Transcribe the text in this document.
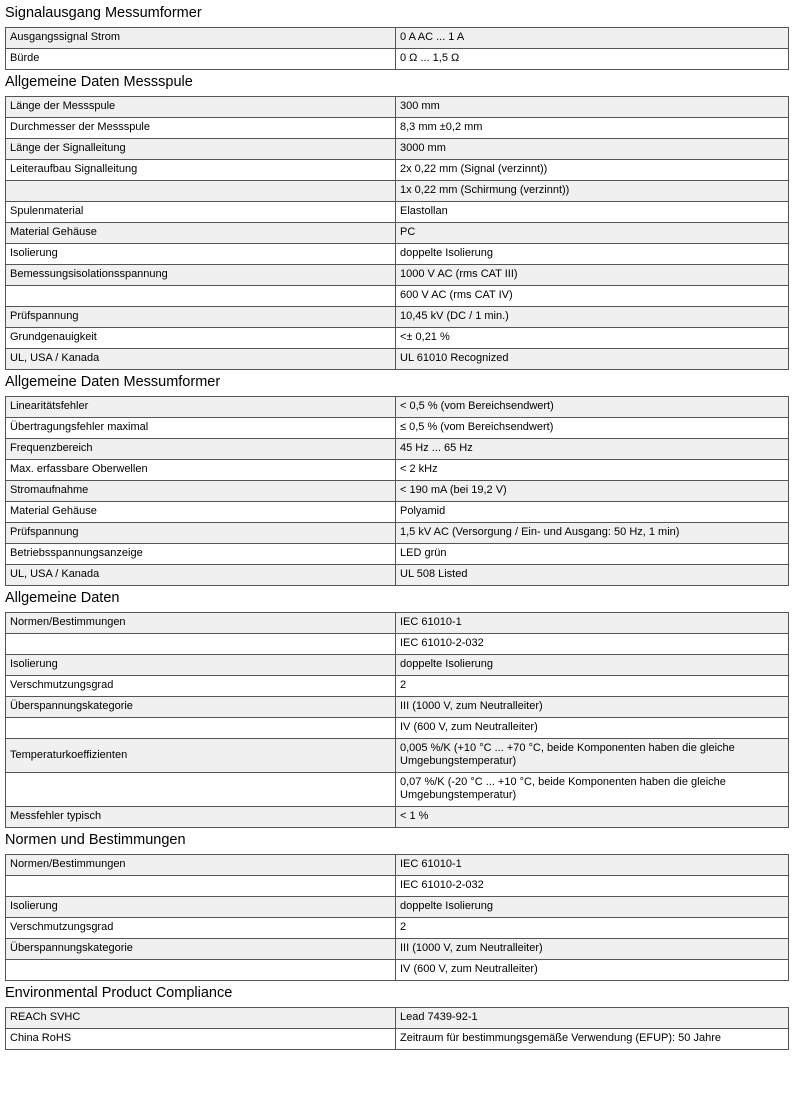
Signalausgang Messumformer
Ausgangssignal Strom	0 A AC ... 1 A
Bürde	0 Ω ... 1,5 Ω
Allgemeine Daten Messspule
Länge der Messspule	300 mm
Durchmesser der Messspule	8,3 mm ±0,2 mm
Länge der Signalleitung	3000 mm
Leiteraufbau Signalleitung	2x 0,22 mm (Signal (verzinnt))
	1x 0,22 mm (Schirmung (verzinnt))
Spulenmaterial	Elastollan
Material Gehäuse	PC
Isolierung	doppelte Isolierung
Bemessungsisolationsspannung	1000 V AC (rms CAT III)
	600 V AC (rms CAT IV)
Prüfspannung	10,45 kV (DC / 1 min.)
Grundgenauigkeit	<± 0,21 %
UL, USA / Kanada	UL 61010 Recognized
Allgemeine Daten Messumformer
Linearitätsfehler	< 0,5 % (vom Bereichsendwert)
Übertragungsfehler maximal	≤ 0,5 % (vom Bereichsendwert)
Frequenzbereich	45 Hz ... 65 Hz
Max. erfassbare Oberwellen	< 2 kHz
Stromaufnahme	< 190 mA (bei 19,2 V)
Material Gehäuse	Polyamid
Prüfspannung	1,5 kV AC (Versorgung / Ein- und Ausgang: 50 Hz, 1 min)
Betriebsspannungsanzeige	LED grün
UL, USA / Kanada	UL 508 Listed
Allgemeine Daten
Normen/Bestimmungen	IEC 61010-1
	IEC 61010-2-032
Isolierung	doppelte Isolierung
Verschmutzungsgrad	2
Überspannungskategorie	III (1000 V, zum Neutralleiter)
	IV (600 V, zum Neutralleiter)
Temperaturkoeffizienten	0,005 %/K (+10 °C ... +70 °C, beide Komponenten haben die gleiche Umgebungstemperatur)
	0,07 %/K (-20 °C ... +10 °C, beide Komponenten haben die gleiche Umgebungstemperatur)
Messfehler typisch	< 1 %
Normen und Bestimmungen
Normen/Bestimmungen	IEC 61010-1
	IEC 61010-2-032
Isolierung	doppelte Isolierung
Verschmutzungsgrad	2
Überspannungskategorie	III (1000 V, zum Neutralleiter)
	IV (600 V, zum Neutralleiter)
Environmental Product Compliance
REACh SVHC	Lead 7439-92-1
China RoHS	Zeitraum für bestimmungsgemäße Verwendung (EFUP): 50 Jahre
